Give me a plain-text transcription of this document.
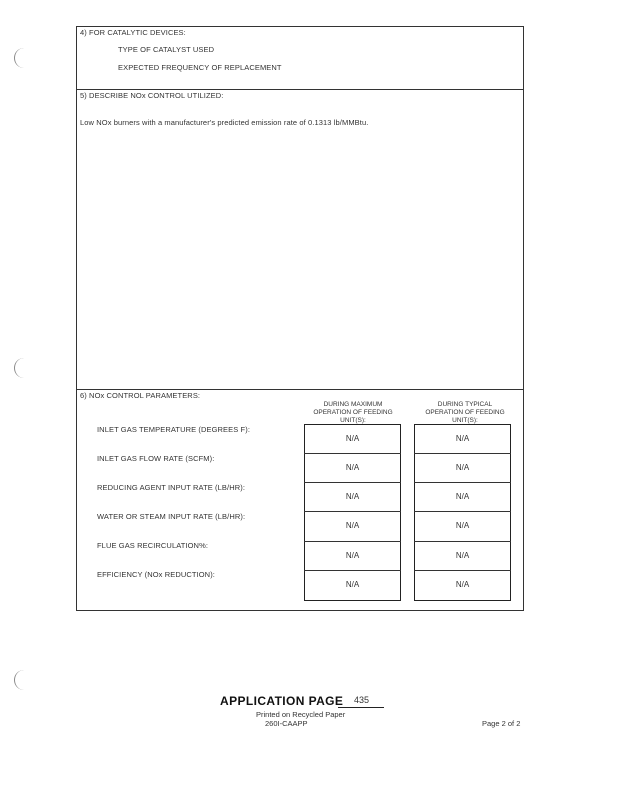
4) FOR CATALYTIC DEVICES:
TYPE OF CATALYST USED
EXPECTED FREQUENCY OF REPLACEMENT
5) DESCRIBE NOx CONTROL UTILIZED:
Low NOx burners with a manufacturer's predicted emission rate of 0.1313 lb/MMBtu.
6) NOx CONTROL PARAMETERS:
DURING MAXIMUM OPERATION OF FEEDING UNIT(S):
DURING TYPICAL OPERATION OF FEEDING UNIT(S):
INLET GAS TEMPERATURE (DEGREES F):
INLET GAS FLOW RATE (SCFM):
REDUCING AGENT INPUT RATE (LB/HR):
WATER OR STEAM INPUT RATE (LB/HR):
FLUE GAS RECIRCULATION%:
EFFICIENCY (NOx REDUCTION):
N/A
N/A
N/A
N/A
N/A
N/A
N/A
N/A
N/A
N/A
N/A
N/A
APPLICATION PAGE 435
Printed on Recycled Paper
260I-CAAPP	Page 2 of 2
